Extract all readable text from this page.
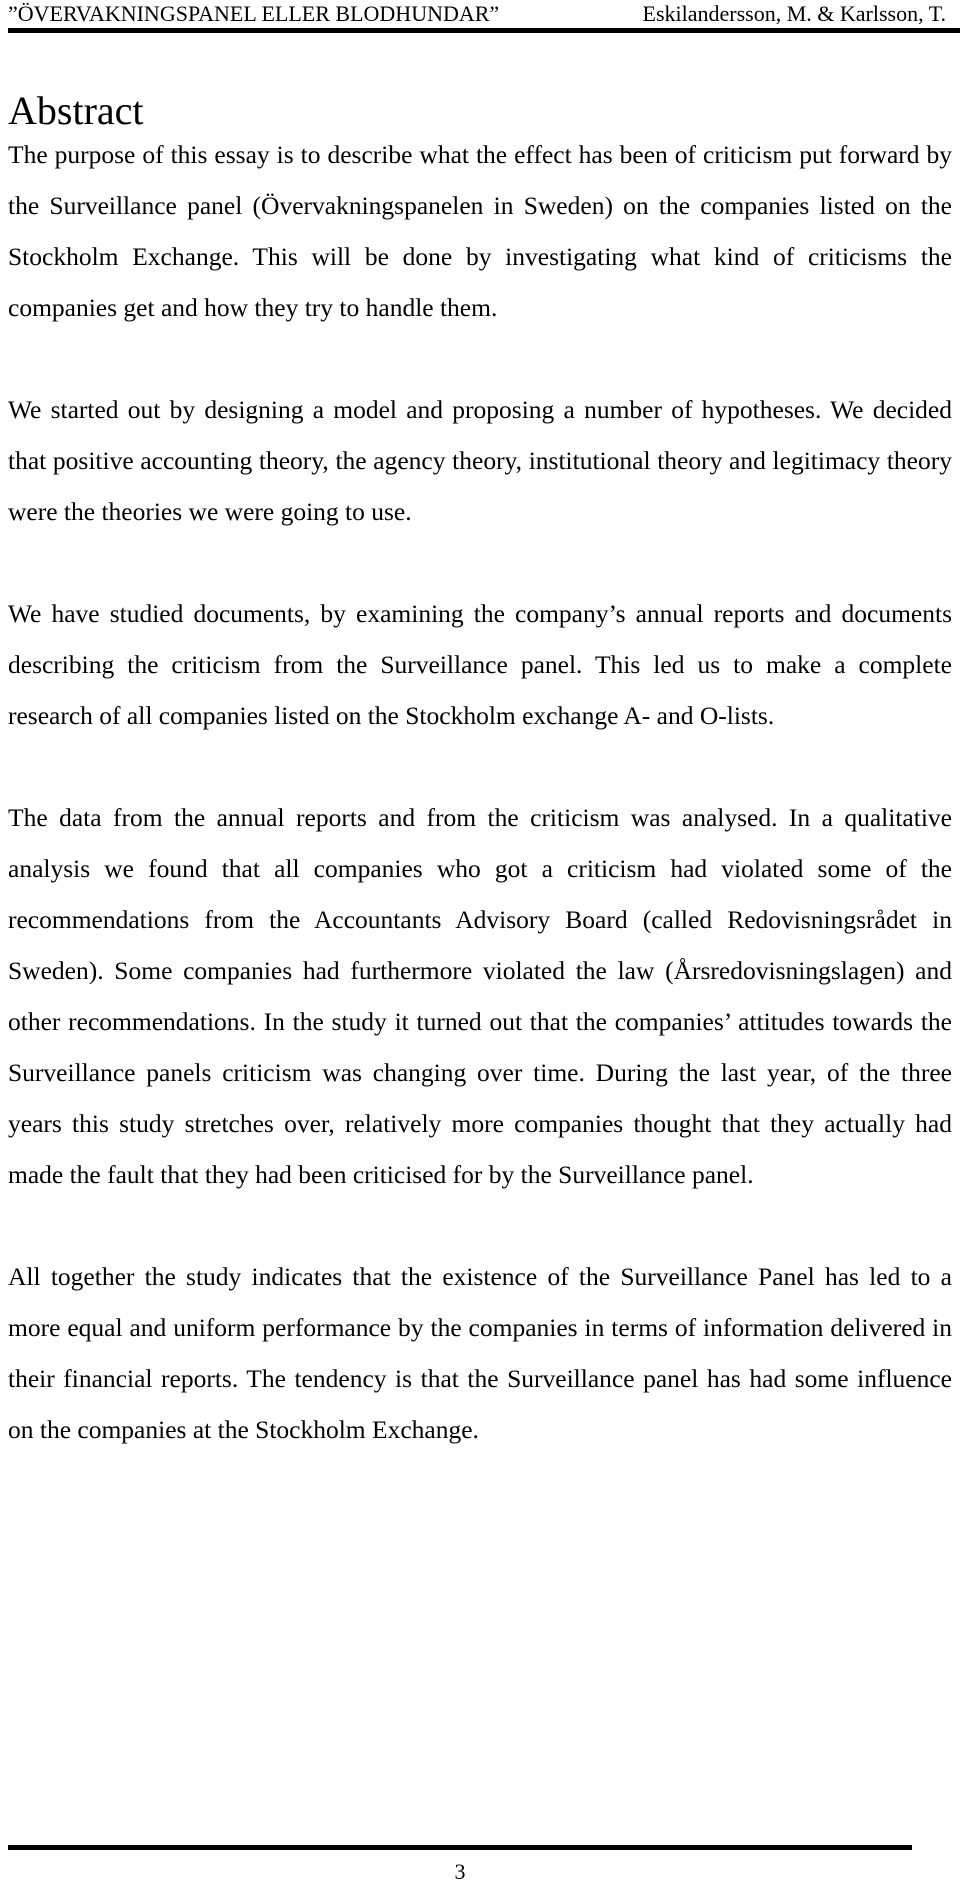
”ÖVERVAKNINGSPANEL ELLER BLODHUNDAR”	Eskilandersson, M. & Karlsson, T.
Abstract

The purpose of this essay is to describe what the effect has been of criticism put forward by the Surveillance panel (Övervakningspanelen in Sweden) on the companies listed on the Stockholm Exchange. This will be done by investigating what kind of criticisms the companies get and how they try to handle them.

We started out by designing a model and proposing a number of hypotheses. We decided that positive accounting theory, the agency theory, institutional theory and legitimacy theory were the theories we were going to use.

We have studied documents, by examining the company’s annual reports and documents describing the criticism from the Surveillance panel. This led us to make a complete research of all companies listed on the Stockholm exchange A- and O-lists.

The data from the annual reports and from the criticism was analysed. In a qualitative analysis we found that all companies who got a criticism had violated some of the recommendations from the Accountants Advisory Board (called Redovisningsrådet in Sweden). Some companies had furthermore violated the law (Årsredovisningslagen) and other recommendations. In the study it turned out that the companies’ attitudes towards the Surveillance panels criticism was changing over time. During the last year, of the three years this study stretches over, relatively more companies thought that they actually had made the fault that they had been criticised for by the Surveillance panel.

All together the study indicates that the existence of the Surveillance Panel has led to a more equal and uniform performance by the companies in terms of information delivered in their financial reports. The tendency is that the Surveillance panel has had some influence on the companies at the Stockholm Exchange.

3
